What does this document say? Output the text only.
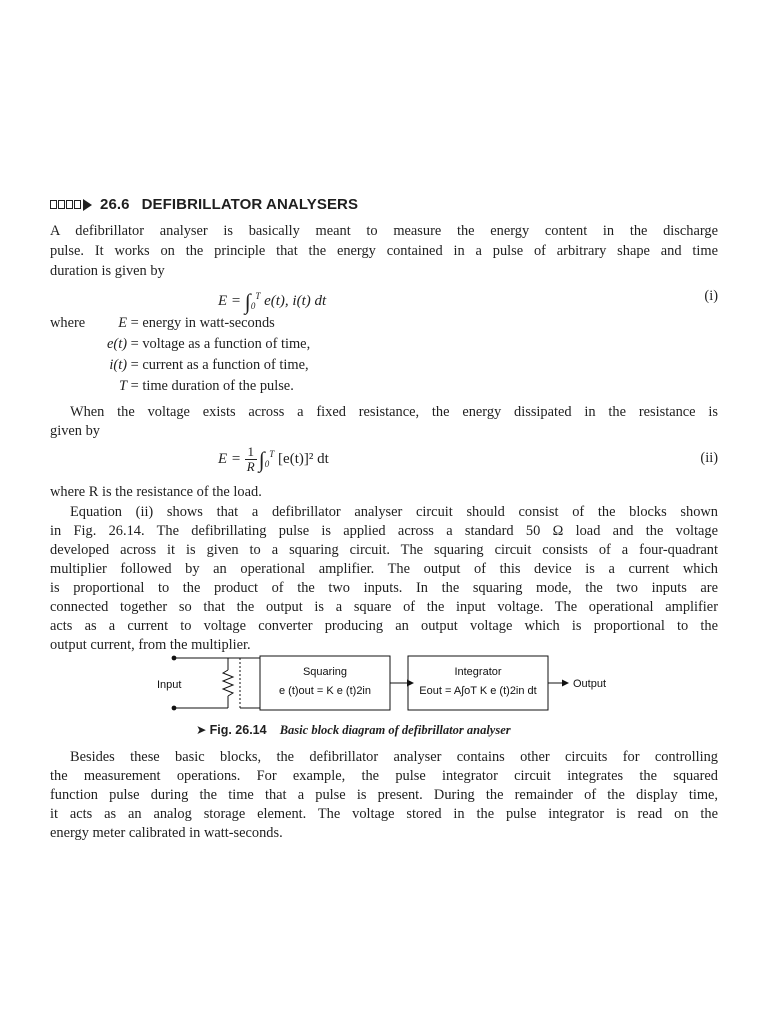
26.6 DEFIBRILLATOR ANALYSERS
A defibrillator analyser is basically meant to measure the energy content in the discharge
pulse. It works on the principle that the energy contained in a pulse of arbitrary shape and time
duration is given by
$E = \int_0^T$ e(t), i(t) dt	(i)
where E = energy in watt-seconds
e(t) = voltage as a function of time,
i(t) = current as a function of time,
T = time duration of the pulse.
When the voltage exists across a fixed resistance, the energy dissipated in the resistance is
given by
$E = \frac{1}{R} \int_0^T$ [e(t)]² dt	(ii)
where R is the resistance of the load.
Equation (ii) shows that a defibrillator analyser circuit should consist of the blocks shown
in Fig. 26.14. The defibrillating pulse is applied across a standard 50 Ω load and the voltage
developed across it is given to a squaring circuit. The squaring circuit consists of a four-quadrant
multiplier followed by an operational amplifier. The output of this device is a current which
is proportional to the product of the two inputs. In the squaring mode, the two inputs are
connected together so that the output is a square of the input voltage. The operational amplifier
acts as a current to voltage converter producing an output voltage which is proportional to the
output current, from the multiplier.
Input
Squaring
e (t)out = K e (t)2in
Integrator
Eout = A∫oT K e (t)2in dt
Output
➤ Fig. 26.14 Basic block diagram of defibrillator analyser
Besides these basic blocks, the defibrillator analyser contains other circuits for controlling
the measurement operations. For example, the pulse integrator circuit integrates the squared
function pulse during the time that a pulse is present. During the remainder of the display time,
it acts as an analog storage element. The voltage stored in the pulse integrator is read on the
energy meter calibrated in watt-seconds.
